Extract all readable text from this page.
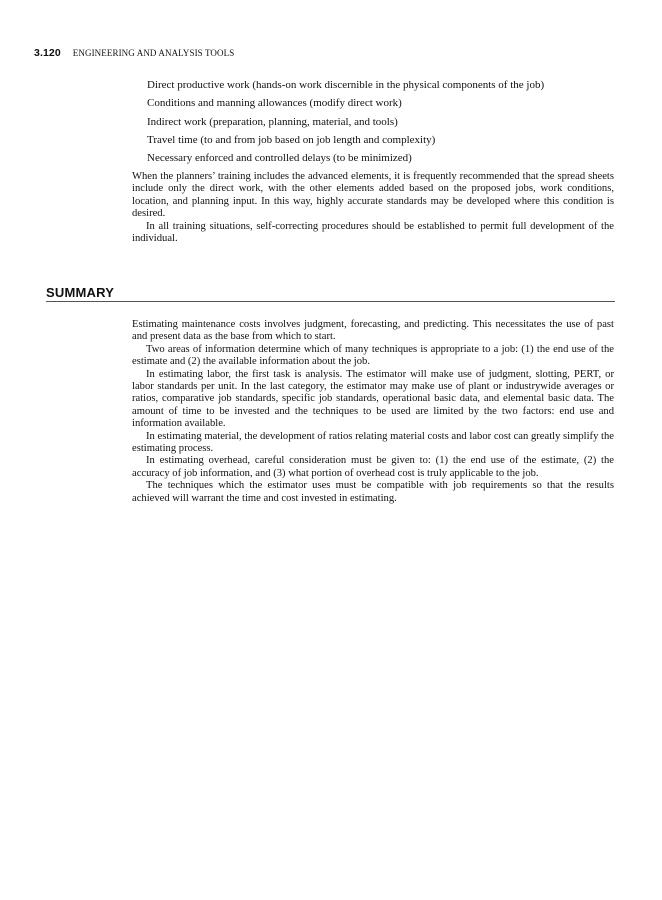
3.120 ENGINEERING AND ANALYSIS TOOLS
Direct productive work (hands-on work discernible in the physical components of the job)
Conditions and manning allowances (modify direct work)
Indirect work (preparation, planning, material, and tools)
Travel time (to and from job based on job length and complexity)
Necessary enforced and controlled delays (to be minimized)

When the planners’ training includes the advanced elements, it is frequently recommended that the spread sheets include only the direct work, with the other elements added based on the proposed jobs, work conditions, location, and planning input. In this way, highly accurate standards may be developed where this condition is desired.

In all training situations, self-correcting procedures should be established to permit full development of the individual.

SUMMARY

Estimating maintenance costs involves judgment, forecasting, and predicting. This necessitates the use of past and present data as the base from which to start.

Two areas of information determine which of many techniques is appropriate to a job: (1) the end use of the estimate and (2) the available information about the job.

In estimating labor, the first task is analysis. The estimator will make use of judgment, slotting, PERT, or labor standards per unit. In the last category, the estimator may make use of plant or industrywide averages or ratios, comparative job standards, specific job standards, operational basic data, and elemental basic data. The amount of time to be invested and the techniques to be used are limited by the two factors: end use and information available.

In estimating material, the development of ratios relating material costs and labor cost can greatly simplify the estimating process.

In estimating overhead, careful consideration must be given to: (1) the end use of the estimate, (2) the accuracy of job information, and (3) what portion of overhead cost is truly applicable to the job.

The techniques which the estimator uses must be compatible with job requirements so that the results achieved will warrant the time and cost invested in estimating.
